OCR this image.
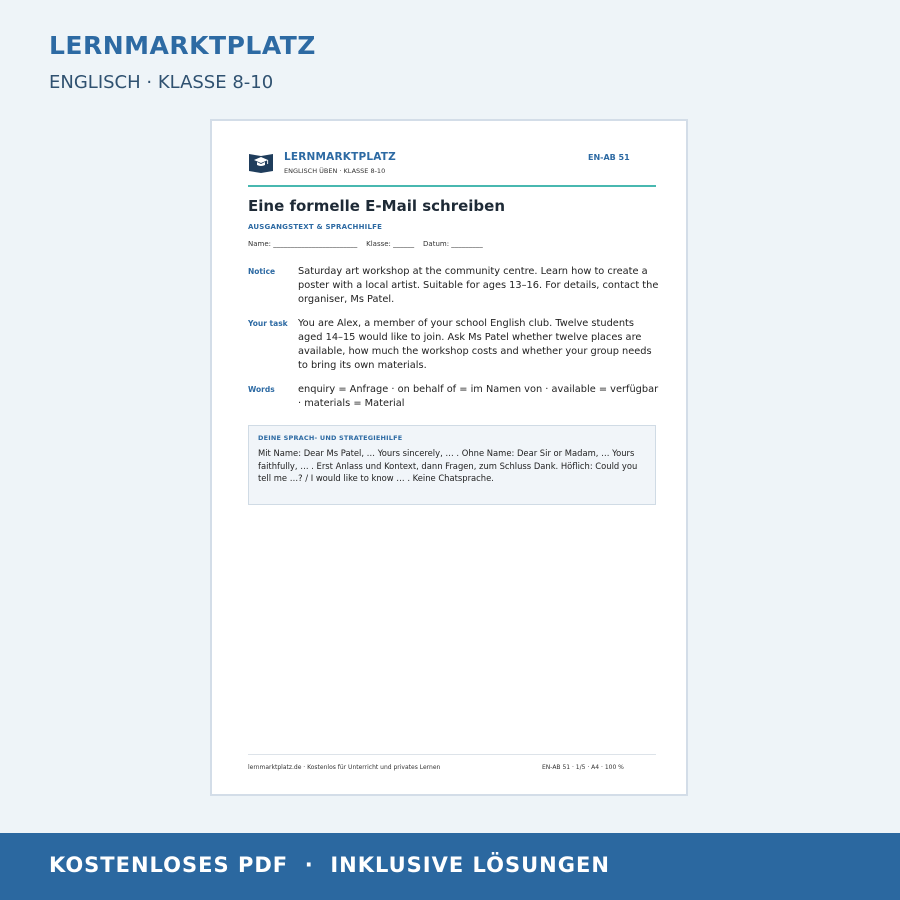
LERNMARKTPLATZ
ENGLISCH · KLASSE 8-10
LERNMARKTPLATZ
ENGLISCH ÜBEN · KLASSE 8-10
EN-AB 51
Eine formelle E-Mail schreiben
AUSGANGSTEXT & SPRACHHILFE
Name: ________________________    Klasse: ______    Datum: _________
Notice Saturday art workshop at the community centre. Learn how to create a poster with a local artist. Suitable for ages 13–16. For details, contact the organiser, Ms Patel.
Your task You are Alex, a member of your school English club. Twelve students aged 14–15 would like to join. Ask Ms Patel whether twelve places are available, how much the workshop costs and whether your group needs to bring its own materials.
Words enquiry = Anfrage · on behalf of = im Namen von · available = verfügbar · materials = Material
DEINE SPRACH- UND STRATEGIEHILFE
Mit Name: Dear Ms Patel, … Yours sincerely, … . Ohne Name: Dear Sir or Madam, … Yours faithfully, … . Erst Anlass und Kontext, dann Fragen, zum Schluss Dank. Höflich: Could you tell me …? / I would like to know … . Keine Chatsprache.
lernmarktplatz.de · Kostenlos für Unterricht und privates Lernen	EN-AB 51 · 1/5 · A4 · 100 %
KOSTENLOSES PDF  ·  INKLUSIVE LÖSUNGEN
